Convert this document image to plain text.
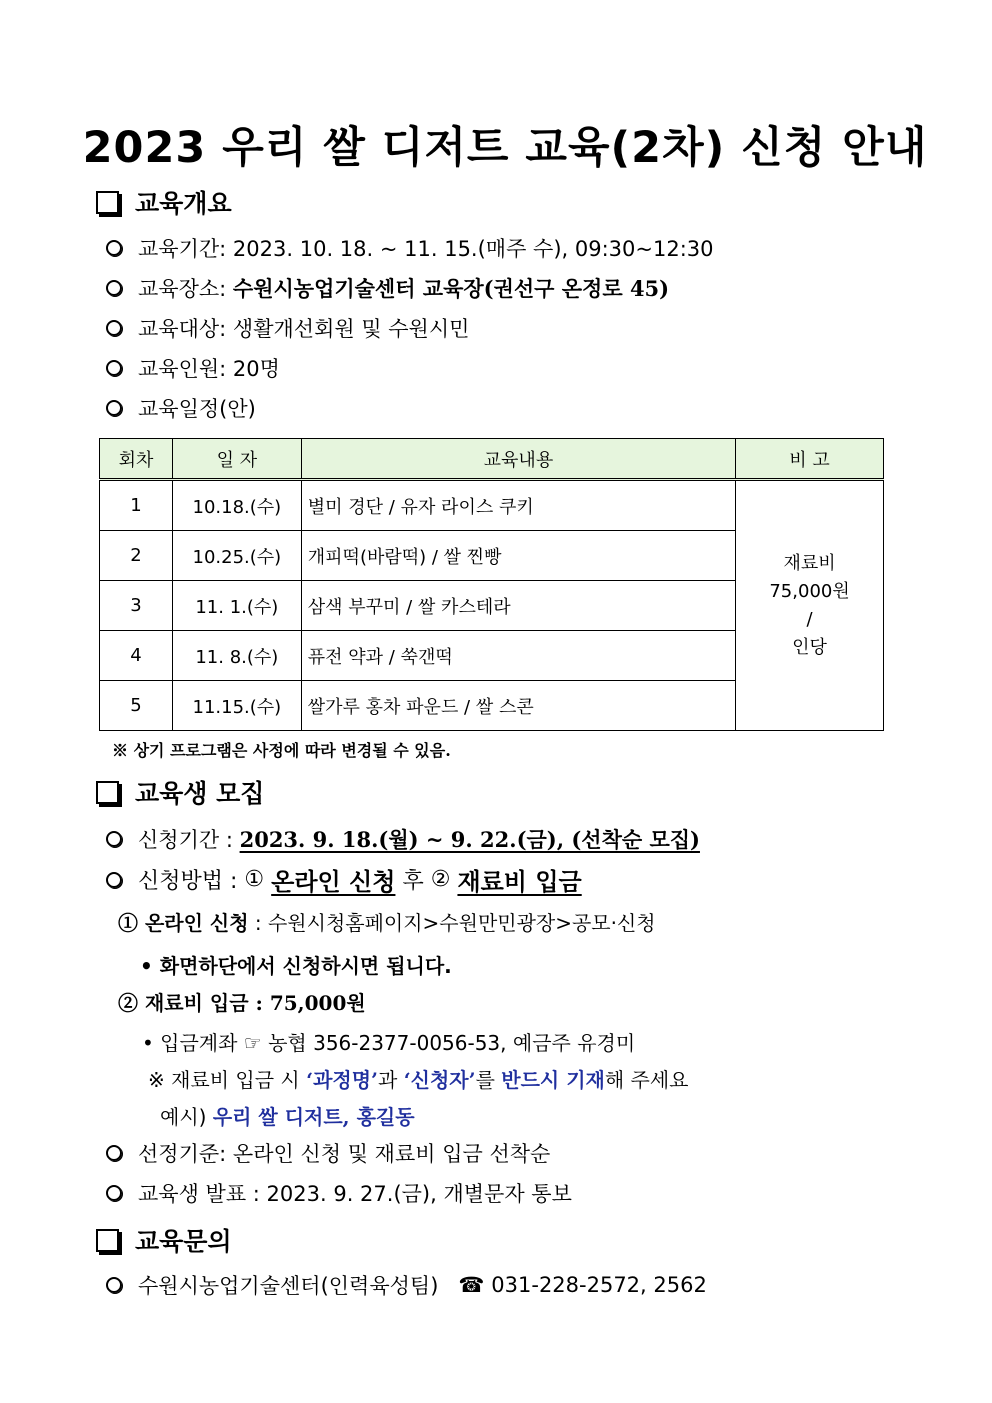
2023 우리 쌀 디저트 교육(2차) 신청 안내
교육개요
교육기간:
2023. 10. 18. ~ 11. 15.(매주 수), 09:30~12:30
교육장소:
수원시농업기술센터 교육장(권선구 온정로 45)
교육대상:
생활개선회원 및 수원시민
교육인원:
20명
교육일정(안)
회차	일 자	교육내용	비 고
1	10.18.(수)	별미 경단 / 유자 라이스 쿠키	재료비
75,000원
/
인당

2	10.25.(수)	개피떡(바람떡) / 쌀 찐빵	
3	11. 1.(수)	삼색 부꾸미 / 쌀 카스테라	
4	11. 8.(수)	퓨전 약과 / 쑥갠떡	
5	11.15.(수)	쌀가루 홍차 파운드 / 쌀 스콘	
※ 상기 프로그램은 사정에 따라 변경될 수 있음.
교육생 모집
신청기간 :
2023. 9. 18.(월) ~ 9. 22.(금), (선착순 모집)
신청방법 :
①
온라인 신청
후
②
재료비 입금
① 온라인 신청 : 수원시청홈페이지>수원만민광장>공모·신청
• 화면하단에서 신청하시면 됩니다.
② 재료비 입금 : 75,000원
• 입금계좌 ☞ 농협 356-2377-0056-53, 예금주 유경미
※ 재료비 입금 시 ‘과정명’과 ‘신청자’를 반드시 기재해 주세요
예시) 우리 쌀 디저트, 홍길동
선정기준:
온라인 신청 및 재료비 입금 선착순
교육생 발표 :
2023. 9. 27.(금), 개별문자 통보
교육문의
수원시농업기술센터(인력육성팀)
☎
031-228-2572, 2562
